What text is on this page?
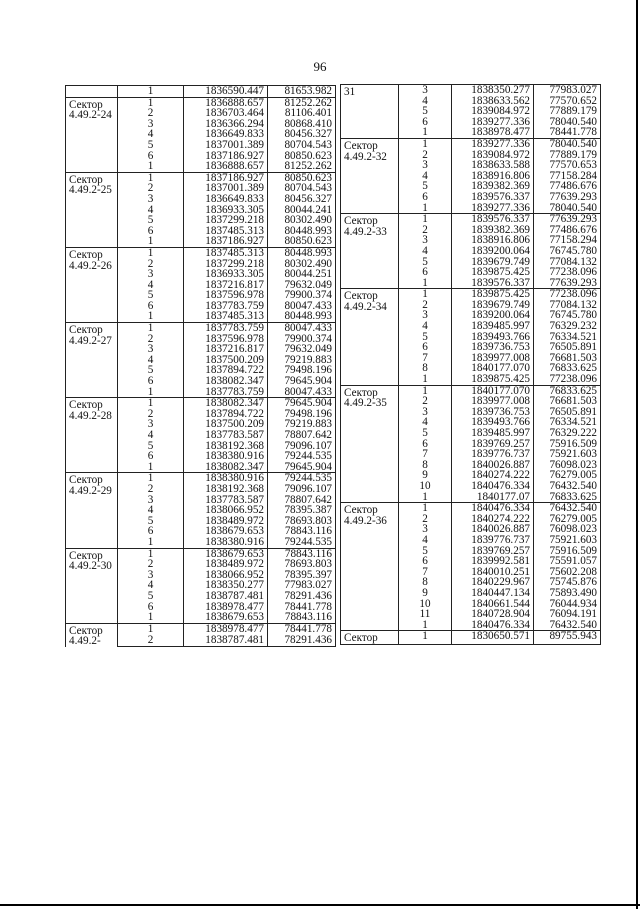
96
	1	1836590.447	81653.982
Сектор 4.49.2-24	1	1836888.657	81252.262
	2	1836703.464	81106.401
	3	1836366.294	80868.410
	4	1836649.833	80456.327
	5	1837001.389	80704.543
	6	1837186.927	80850.623
	1	1836888.657	81252.262
Сектор 4.49.2-25	1	1837186.927	80850.623
	2	1837001.389	80704.543
	3	1836649.833	80456.327
	4	1836933.305	80044.241
	5	1837299.218	80302.490
	6	1837485.313	80448.993
	1	1837186.927	80850.623
Сектор 4.49.2-26	1	1837485.313	80448.993
	2	1837299.218	80302.490
	3	1836933.305	80044.251
	4	1837216.817	79632.049
	5	1837596.978	79900.374
	6	1837783.759	80047.433
	1	1837485.313	80448.993
Сектор 4.49.2-27	1	1837783.759	80047.433
	2	1837596.978	79900.374
	3	1837216.817	79632.049
	4	1837500.209	79219.883
	5	1837894.722	79498.196
	6	1838082.347	79645.904
	1	1837783.759	80047.433
Сектор 4.49.2-28	1	1838082.347	79645.904
	2	1837894.722	79498.196
	3	1837500.209	79219.883
	4	1837783.587	78807.642
	5	1838192.368	79096.107
	6	1838380.916	79244.535
	1	1838082.347	79645.904
Сектор 4.49.2-29	1	1838380.916	79244.535
	2	1838192.368	79096.107
	3	1837783.587	78807.642
	4	1838066.952	78395.387
	5	1838489.972	78693.803
	6	1838679.653	78843.116
	1	1838380.916	79244.535
Сектор 4.49.2-30	1	1838679.653	78843.116
	2	1838489.972	78693.803
	3	1838066.952	78395.397
	4	1838350.277	77983.027
	5	1838787.481	78291.436
	6	1838978.477	78441.778
	1	1838679.653	78843.116
Сектор 4.49.2-	1	1838978.477	78441.778
	2	1838787.481	78291.436
31	3	1838350.277	77983.027
	4	1838633.562	77570.652
	5	1839084.972	77889.179
	6	1839277.336	78040.540
	1	1838978.477	78441.778
Сектор 4.49.2-32	1	1839277.336	78040.540
	2	1839084.972	77889.179
	3	1838633.588	77570.653
	4	1838916.806	77158.284
	5	1839382.369	77486.676
	6	1839576.337	77639.293
	1	1839277.336	78040.540
Сектор 4.49.2-33	1	1839576.337	77639.293
	2	1839382.369	77486.676
	3	1838916.806	77158.294
	4	1839200.064	76745.780
	5	1839679.749	77084.132
	6	1839875.425	77238.096
	1	1839576.337	77639.293
Сектор 4.49.2-34	1	1839875.425	77238.096
	2	1839679.749	77084.132
	3	1839200.064	76745.780
	4	1839485.997	76329.232
	5	1839493.766	76334.521
	6	1839736.753	76505.891
	7	1839977.008	76681.503
	8	1840177.070	76833.625
	1	1839875.425	77238.096
Сектор 4.49.2-35	1	1840177.070	76833.625
	2	1839977.008	76681.503
	3	1839736.753	76505.891
	4	1839493.766	76334.521
	5	1839485.997	76329.222
	6	1839769.257	75916.509
	7	1839776.737	75921.603
	8	1840026.887	76098.023
	9	1840274.222	76279.005
	10	1840476.334	76432.540
	1	1840177.07	76833.625
Сектор 4.49.2-36	1	1840476.334	76432.540
	2	1840274.222	76279.005
	3	1840026.887	76098.023
	4	1839776.737	75921.603
	5	1839769.257	75916.509
	6	1839992.581	75591.057
	7	1840010.251	75602.208
	8	1840229.967	75745.876
	9	1840447.134	75893.490
	10	1840661.544	76044.934
	11	1840728.904	76094.191
	1	1840476.334	76432.540
Сектор	1	1830650.571	89755.943
